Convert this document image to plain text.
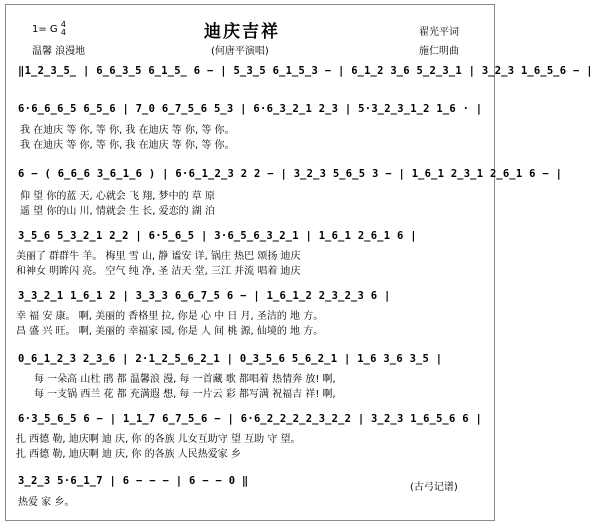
1= G 4
4
温馨 浪漫地
迪庆吉祥
(何唐平演唱)
翟光平词
施仁明曲
‖1̲2̲3̲5̲ | 6̲6̲3̲5 6̲1̲5̲ 6 − | 5̲3̲5 6̲1̲5̲3 − | 6̲1̲2 3̲6 5̲2̲3̲1 | 3̲2̲3 1̲6̲5̲6 − |
6·6̲6̲6̲5 6̲5̲6 | 7̲0 6̲7̲5̲6 5̲3 | 6·6̲3̲2̲1 2̲3 | 5·3̲2̲3̲1̲2 1̲6 · |
我 在迪庆 等 你, 等 你, 我 在迪庆 等 你, 等 你。
我 在迪庆 等 你, 等 你, 我 在迪庆 等 你, 等 你。
6 − ( 6̲6̲6 3̲6̲1̲6 ) | 6·6̲1̲2̲3 2 2 − | 3̲2̲3 5̲6̲5 3 − | 1̲6̲1 2̲3̲1 2̲6̲1 6 − |
仰 望 你的蓝 天, 心就会 飞 翔, 梦中的 草 原
遥 望 你的山 川, 情就会 生 长, 爱恋的 湖 泊
3̲5̲6 5̲3̲2̲1 2̲2 | 6·5̲6̲5 | 3·6̲5̲6̲3̲2̲1 | 1̲6̲1 2̲6̲1 6 |
美丽了 群群牛 羊。 梅里 雪 山, 静 谧安 详, 锅庄 热巴 颂扬 迪庆
和神女 明眸闪 亮。 空气 纯 净, 圣 洁天 堂, 三江 并流 唱着 迪庆
3̲3̲2̲1 1̲6̲1 2 | 3̲3̲3 6̲6̲7̲5 6 − | 1̲6̲1̲2 2̲3̲2̲3 6 |
幸 福 安 康。 啊, 美丽的 香格里 拉, 你是 心 中 日 月, 圣洁的 地 方。
昌 盛 兴 旺。 啊, 美丽的 幸福家 园, 你是 人 间 桃 源, 仙境的 地 方。
0̲6̲1̲2̲3 2̲3̲6 | 2·1̲2̲5̲6̲2̲1 | 0̲3̲5̲6 5̲6̲2̲1 | 1̲6 3̲6 3̲5 |
每 一朵高 山杜 鹃 都 温馨浪 漫, 每 一首藏 歌 都唱着 热情奔 放! 啊,
每 一支锅 西兰 花 都 充满遐 想, 每 一片云 彩 都写满 祝福吉 祥! 啊,
6·3̲5̲6̲5 6 − | 1̲1̲7 6̲7̲5̲6 − | 6·6̲2̲2̲2̲2̲3̲2̲2 | 3̲2̲3 1̲6̲5̲6 6 |
扎 西德 勒, 迪庆啊 迪 庆, 你 的各族 儿女互助守 望 互助 守 望。
扎 西德 勒, 迪庆啊 迪 庆, 你 的各族 人民热爱家 乡
3̲2̲3 5·6̲1̲7 | 6 − − − | 6 − − 0 ‖
热爱 家 乡。
(古弓记谱)
